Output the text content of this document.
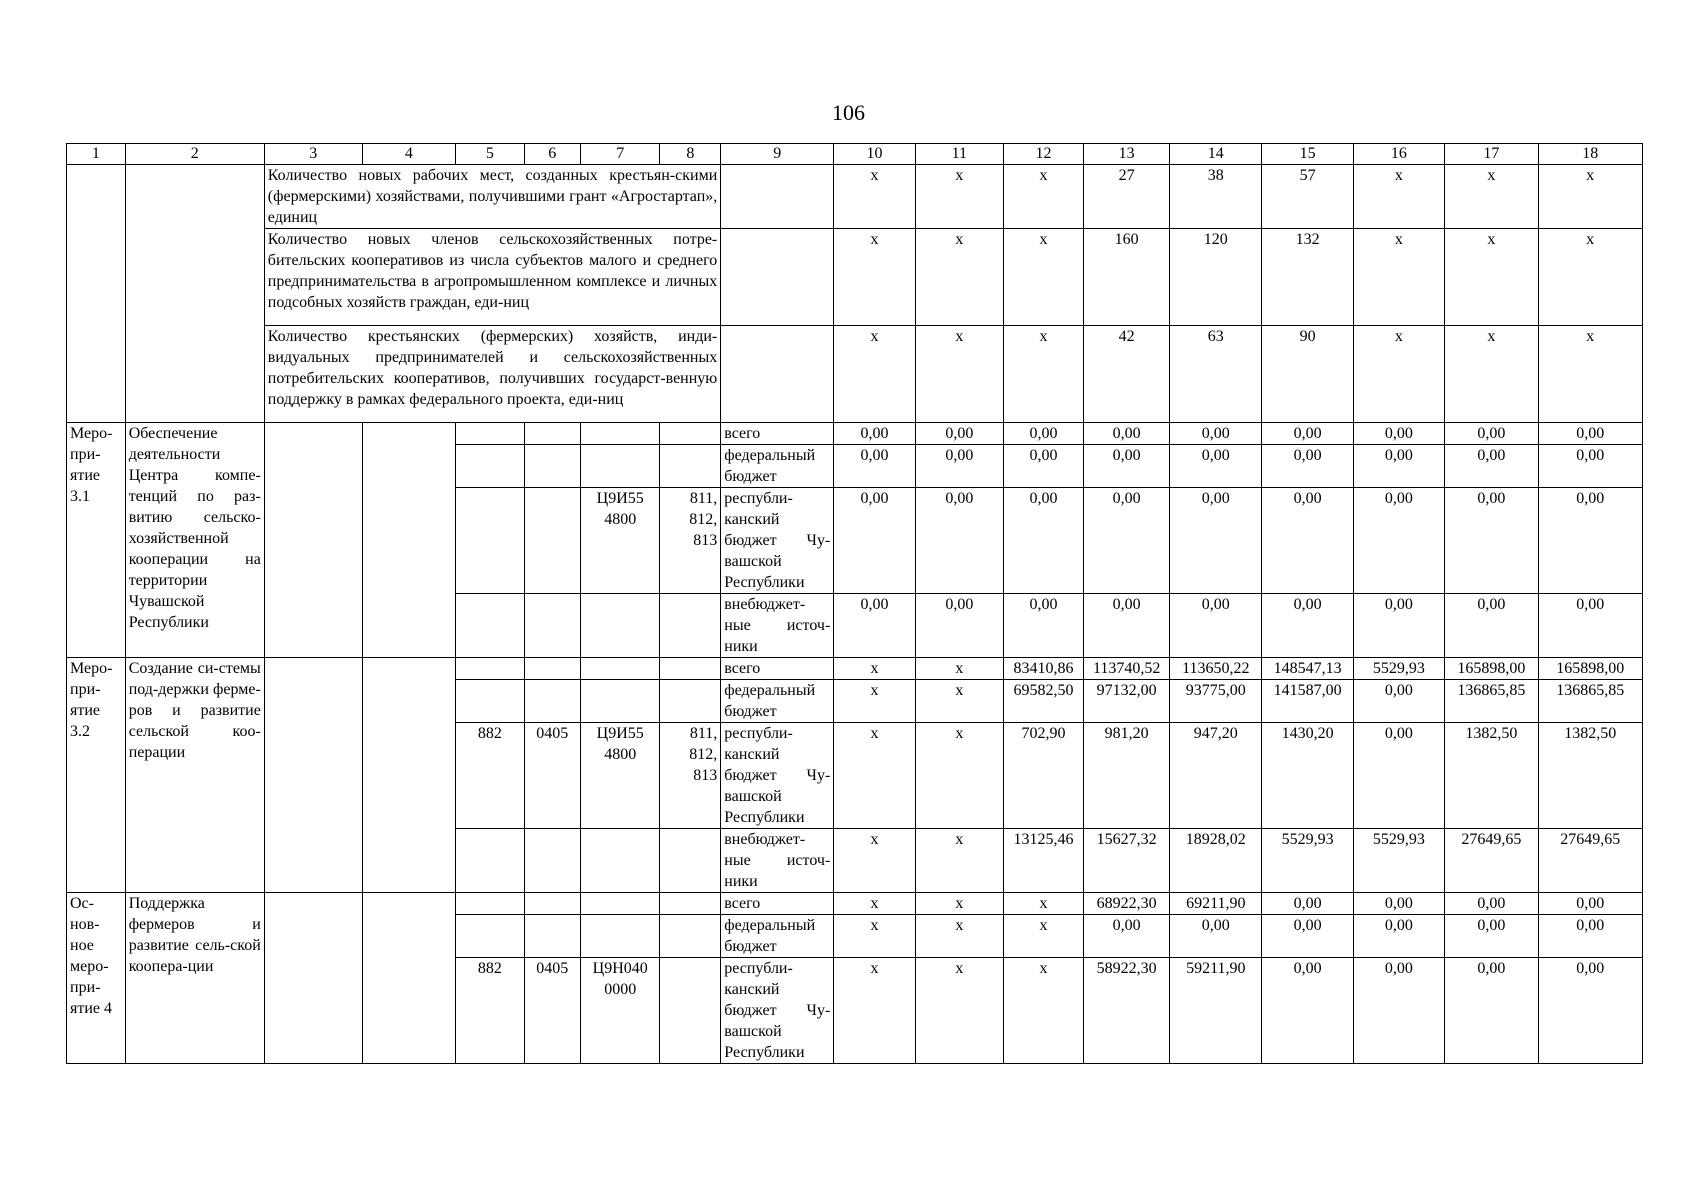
106
1	2	3	4	5	6	7	8	9	10	11	12	13	14	15	16	17	18
		Количество новых рабочих мест, созданных крестьян-скими (фермерскими) хозяйствами, получившими грант «Агростартап», единиц							х	х	х	27	38	57	х	х	х
		Количество новых членов сельскохозяйственных потре-бительских кооперативов из числа субъектов малого и среднего предпринимательства в агропромышленном комплексе и личных подсобных хозяйств граждан, еди-ниц							х	х	х	160	120	132	х	х	х
		Количество крестьянских (фермерских) хозяйств, инди-видуальных предпринимателей и сельскохозяйственных потребительских кооперативов, получивших государст-венную поддержку в рамках федерального проекта, еди-ниц							х	х	х	42	63	90	х	х	х
Меро-при-ятие 3.1	Обеспечение деятельности Центра компе-тенций по раз-витию сельско-хозяйственной кооперации на территории Чувашской Республики							всего	0,00	0,00	0,00	0,00	0,00	0,00	0,00	0,00	0,00
								федеральный бюджет	0,00	0,00	0,00	0,00	0,00	0,00	0,00	0,00	0,00
						Ц9И55 4800	811, 812, 813	республи-канский бюджет Чу-вашской Республики	0,00	0,00	0,00	0,00	0,00	0,00	0,00	0,00	0,00
								внебюджет-ные источ-ники	0,00	0,00	0,00	0,00	0,00	0,00	0,00	0,00	0,00
Меро-при-ятие 3.2	Создание си-стемы под-держки ферме-ров и развитие сельской коо-перации							всего	х	х	83410,86	113740,52	113650,22	148547,13	5529,93	165898,00	165898,00
								федеральный бюджет	х	х	69582,50	97132,00	93775,00	141587,00	0,00	136865,85	136865,85
				882	0405	Ц9И55 4800	811, 812, 813	республи-канский бюджет Чу-вашской Республики	х	х	702,90	981,20	947,20	1430,20	0,00	1382,50	1382,50
								внебюджет-ные источ-ники	х	х	13125,46	15627,32	18928,02	5529,93	5529,93	27649,65	27649,65
Ос-нов-ное меро-при-ятие 4	Поддержка фермеров и развитие сель-ской коопера-ции							всего	х	х	х	68922,30	69211,90	0,00	0,00	0,00	0,00
								федеральный бюджет	х	х	х	0,00	0,00	0,00	0,00	0,00	0,00
				882	0405	Ц9Н040 0000		республи-канский бюджет Чу-вашской Республики	х	х	х	58922,30	59211,90	0,00	0,00	0,00	0,00
